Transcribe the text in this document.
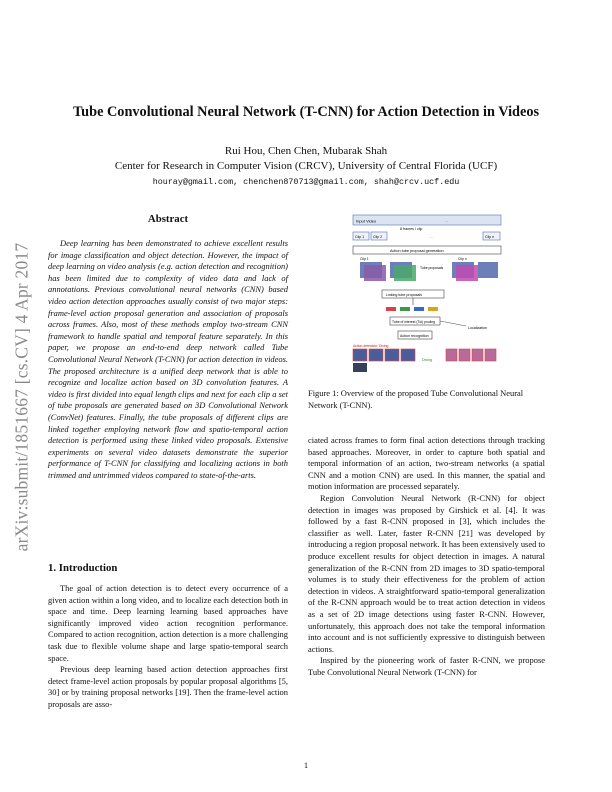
arXiv:submit/1851667 [cs.CV] 4 Apr 2017
Tube Convolutional Neural Network (T-CNN) for Action Detection in Videos
Rui Hou, Chen Chen, Mubarak Shah
Center for Research in Computer Vision (CRCV), University of Central Florida (UCF)
houray@gmail.com, chenchen870713@gmail.com, shah@crcv.ucf.edu
Abstract
Deep learning has been demonstrated to achieve excellent results for image classification and object detection. However, the impact of deep learning on video analysis (e.g. action detection and recognition) has been limited due to complexity of video data and lack of annotations. Previous convolutional neural networks (CNN) based video action detection approaches usually consist of two major steps: frame-level action proposal generation and association of proposals across frames. Also, most of these methods employ two-stream CNN framework to handle spatial and temporal feature separately. In this paper, we propose an end-to-end deep network called Tube Convolutional Neural Network (T-CNN) for action detection in videos. The proposed architecture is a unified deep network that is able to recognize and localize action based on 3D convolution features. A video is first divided into equal length clips and next for each clip a set of tube proposals are generated based on 3D Convolutional Network (ConvNet) features. Finally, the tube proposals of different clips are linked together employing network flow and spatio-temporal action detection is performed using these linked video proposals. Extensive experiments on several video datasets demonstrate the superior performance of T-CNN for classifying and localizing actions in both trimmed and untrimmed videos compared to state-of-the-arts.
1. Introduction

The goal of action detection is to detect every occurrence of a given action within a long video, and to localize each detection both in space and time. Deep learning learning based approaches have significantly improved video action recognition performance. Compared to action recognition, action detection is a more challenging task due to flexible volume shape and large spatio-temporal search space.

Previous deep learning based action detection approaches first detect frame-level action proposals by popular proposal algorithms [5, 30] or by training proposal networks [19]. Then the frame-level action proposals are asso-

Input Video	...
8 frames / clip
Clip 1 Clip 2	...	Clip n
Action tube proposal generation
Clip 1
Tube proposals
Clip n
Linking tube proposals
Tube of interest (ToI) pooling
Localization
Action recognition
Action detection: Diving
Diving
Figure 1: Overview of the proposed Tube Convolutional Neural Network (T-CNN).

ciated across frames to form final action detections through tracking based approaches. Moreover, in order to capture both spatial and temporal information of an action, two-stream networks (a spatial CNN and a motion CNN) are used. In this manner, the spatial and motion information are processed separately.

Region Convolution Neural Network (R-CNN) for object detection in images was proposed by Girshick et al. [4]. It was followed by a fast R-CNN proposed in [3], which includes the classifier as well. Later, faster R-CNN [21] was developed by introducing a region proposal network. It has been extensively used to produce excellent results for object detection in images. A natural generalization of the R-CNN from 2D images to 3D spatio-temporal volumes is to study their effectiveness for the problem of action detection in videos. A straightforward spatio-temporal generalization of the R-CNN approach would be to treat action detection in videos as a set of 2D image detections using faster R-CNN. However, unfortunately, this approach does not take the temporal information into account and is not sufficiently expressive to distinguish between actions.

Inspired by the pioneering work of faster R-CNN, we propose Tube Convolutional Neural Network (T-CNN) for

1
